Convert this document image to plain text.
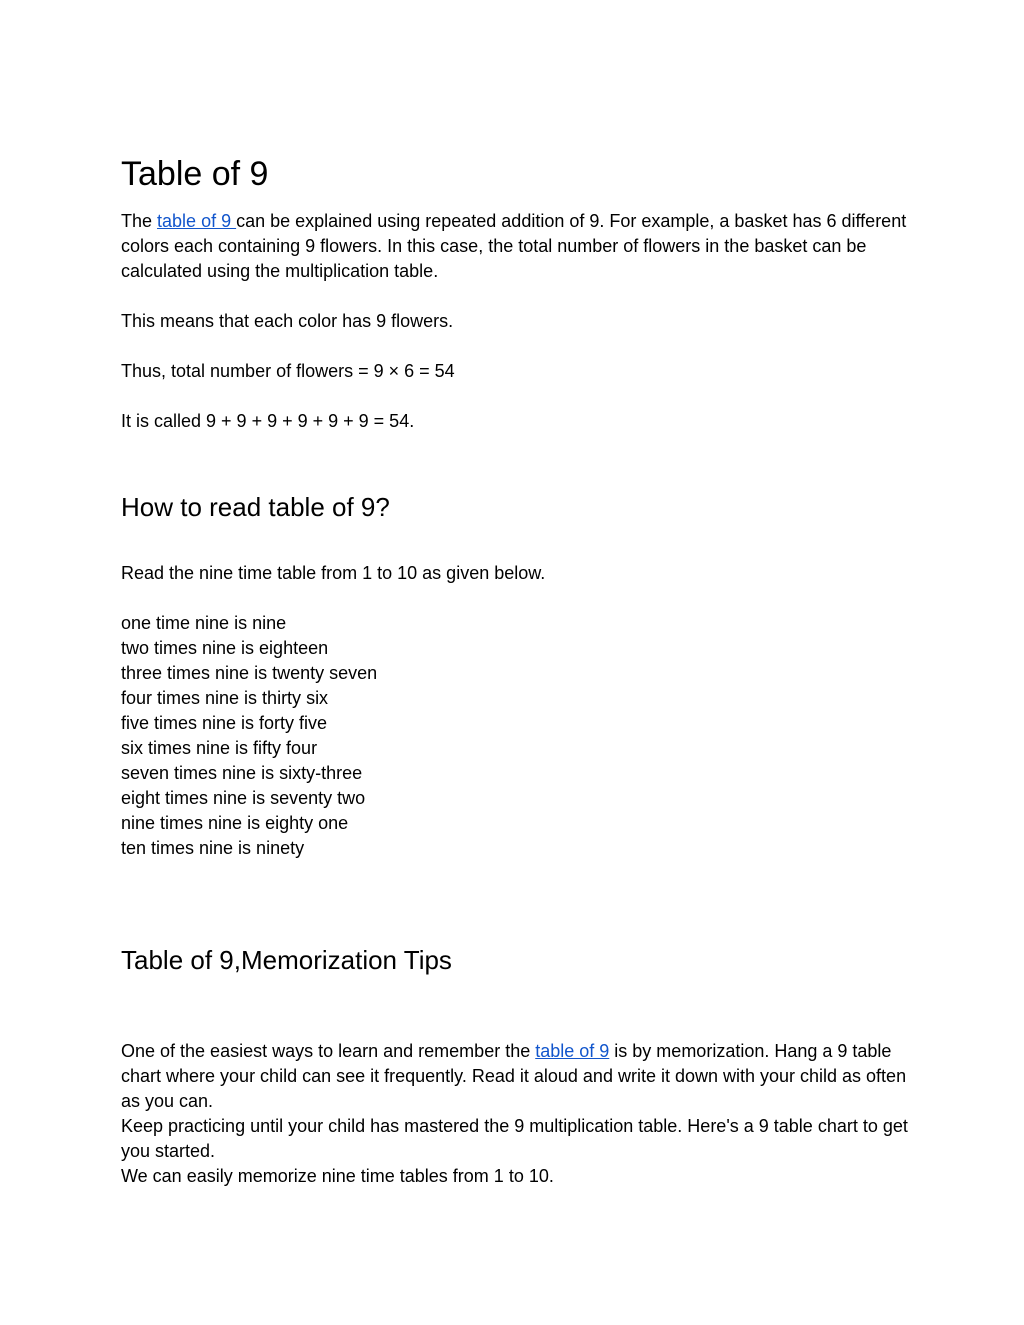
Table of 9

The table of 9 can be explained using repeated addition of 9. For example, a basket has 6 different colors each containing 9 flowers. In this case, the total number of flowers in the basket can be calculated using the multiplication table.

This means that each color has 9 flowers.

Thus, total number of flowers = 9 × 6 = 54

It is called 9 + 9 + 9 + 9 + 9 + 9 = 54.

How to read table of 9?

Read the nine time table from 1 to 10 as given below.

one time nine is nine
two times nine is eighteen
three times nine is twenty seven
four times nine is thirty six
five times nine is forty five
six times nine is fifty four
seven times nine is sixty-three
eight times nine is seventy two
nine times nine is eighty one
ten times nine is ninety
Table of 9,Memorization Tips
One of the easiest ways to learn and remember the table of 9 is by memorization. Hang a 9 table chart where your child can see it frequently. Read it aloud and write it down with your child as often as you can.
Keep practicing until your child has mastered the 9 multiplication table. Here's a 9 table chart to get you started.
We can easily memorize nine time tables from 1 to 10.
